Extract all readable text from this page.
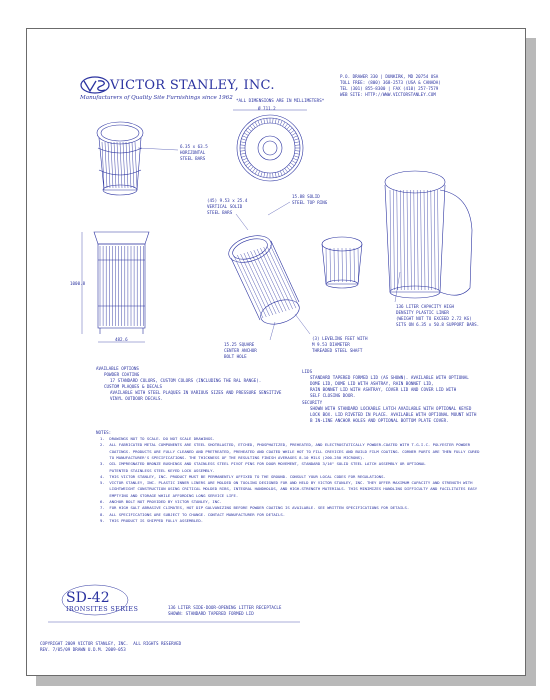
VICTOR STANLEY, INC.
Manufacturers of Quality Site Furnishings since 1962
P.O. DRAWER 330 | DUNKIRK, MD 20754 USA
TOLL FREE: (800) 368-2573 (USA & CANADA)
TEL (301) 855-8300 | FAX (410) 257-7579
WEB SITE: HTTP://WWW.VICTORSTANLEY.COM
*ALL DIMENSIONS ARE IN MILLIMETERS*
Ø 711.2
6.35 x 63.5
HORIZONTAL
STEEL BARS
(45) 9.53 x 25.4
VERTICAL SOLID
STEEL BARS
15.88 SOLID
STEEL TOP RING
1000.8
482.6
15.25 SQUARE
CENTER ANCHOR
BOLT HOLE
(3) LEVELING FEET WITH
M 9.53 DIAMETER
THREADED STEEL SHAFT
136 LITER CAPACITY HIGH
DENSITY PLASTIC LINER
(WEIGHT NOT TO EXCEED 2.72 KG)
SITS ON 6.35 x 50.8 SUPPORT BARS.
AVAILABLE OPTIONS
POWDER COATING
17 STANDARD COLORS, CUSTOM COLORS (INCLUDING THE RAL RANGE).
CUSTOM PLAQUES & DECALS
AVAILABLE WITH STEEL PLAQUES IN VARIOUS SIZES AND PRESSURE SENSITIVE
VINYL OUTDOOR DECALS.
LIDS
STANDARD TAPERED FORMED LID (AS SHOWN). AVAILABLE WITH OPTIONAL
DOME LID, DOME LID WITH ASHTRAY, RAIN BONNET LID,
RAIN BONNET LID WITH ASHTRAY, COVER LID AND COVER LID WITH
SELF CLOSING DOOR.
SECURITY
SHOWN WITH STANDARD LOCKABLE LATCH AVAILABLE WITH OPTIONAL KEYED
LOCK BOX. LID RIVETED IN PLACE. AVAILABLE WITH OPTIONAL MOUNT WITH
B IN-LINE ANCHOR HOLES AND OPTIONAL BOTTOM PLATE COVER.
NOTES:
1.  DRAWINGS NOT TO SCALE. DO NOT SCALE DRAWINGS.
2.  ALL FABRICATED METAL COMPONENTS ARE STEEL SHOTBLASTED, ETCHED, PHOSPHATIZED, PREHEATED, AND ELECTROSTATICALLY POWDER-COATED WITH T.G.I.C. POLYESTER POWDER
COATINGS. PRODUCTS ARE FULLY CLEANED AND PRETREATED, PREHEATED AND COATED WHILE HOT TO FILL CREVICES AND BUILD FILM COATING. CORNER PARTS ARE THEN FULLY CURED
TO MANUFACTURER'S SPECIFICATIONS. THE THICKNESS OF THE RESULTING FINISH AVERAGES 8-10 MILS (200-250 MICRONS).
3.  OIL IMPREGNATED BRONZE BUSHINGS AND STAINLESS STEEL PIVOT PINS FOR DOOR MOVEMENT, STANDARD 3/16" SOLID STEEL LATCH ASSEMBLY OR OPTIONAL
PATENTED STAINLESS STEEL KEYED LOCK ASSEMBLY.
4.  THIS VICTOR STANLEY, INC. PRODUCT MUST BE PERMANENTLY AFFIXED TO THE GROUND. CONSULT YOUR LOCAL CODES FOR REGULATIONS.
5.  VICTOR STANLEY, INC. PLASTIC INNER LINERS ARE MOLDED ON TOOLING DESIGNED FOR AND HELD BY VICTOR STANLEY, INC. THEY OFFER MAXIMUM CAPACITY AND STRENGTH WITH
LIGHTWEIGHT CONSTRUCTION USING CRITICAL MOLDED RIBS, INTEGRAL HANDHOLDS, AND HIGH-STRENGTH MATERIALS. THIS MINIMIZES HANDLING DIFFICULTY AND FACILITATES EASY
EMPTYING AND STORAGE WHILE AFFORDING LONG SERVICE LIFE.
6.  ANCHOR BOLT NOT PROVIDED BY VICTOR STANLEY, INC.
7.  FOR HIGH SALT ABRASIVE CLIMATES, HOT DIP GALVANIZING BEFORE POWDER COATING IS AVAILABLE. SEE WRITTEN SPECIFICATIONS FOR DETAILS.
8.  ALL SPECIFICATIONS ARE SUBJECT TO CHANGE. CONTACT MANUFACTURER FOR DETAILS.
9.  THIS PRODUCT IS SHIPPED FULLY ASSEMBLED.
SD-42
IRONSITES SERIES	136 LITER SIDE-DOOR-OPENING LITTER RECEPTACLE
SHOWN: STANDARD TAPERED FORMED LID
COPYRIGHT 2009 VICTOR STANLEY, INC.  ALL RIGHTS RESERVED
REV. 7/05/09 DRAWN U.D.M. 2009-053
